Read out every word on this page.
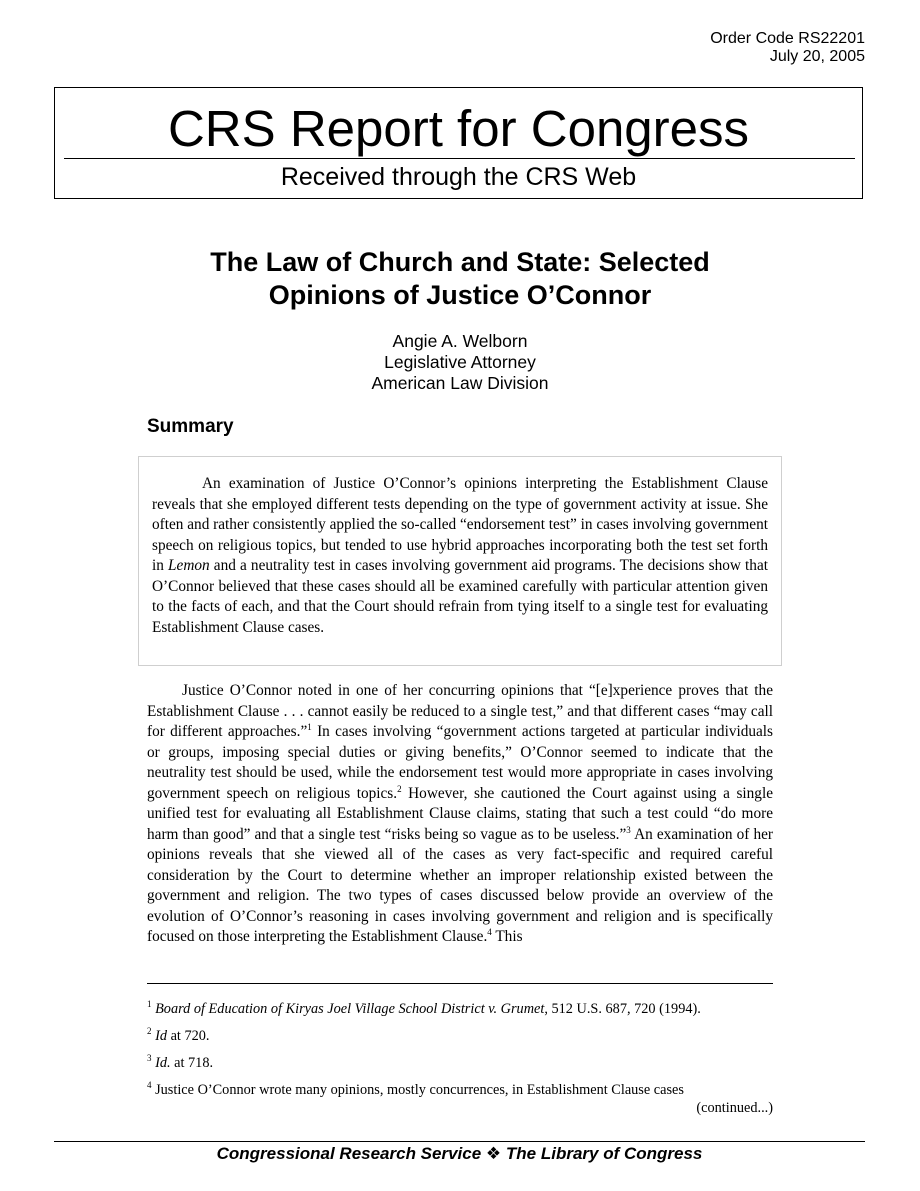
Order Code RS22201
July 20, 2005
CRS Report for Congress
Received through the CRS Web
The Law of Church and State: Selected
Opinions of Justice O’Connor
Angie A. Welborn
Legislative Attorney
American Law Division
Summary

An examination of Justice O’Connor’s opinions interpreting the Establishment Clause reveals that she employed different tests depending on the type of government activity at issue. She often and rather consistently applied the so-called “endorsement test” in cases involving government speech on religious topics, but tended to use hybrid approaches incorporating both the test set forth in Lemon and a neutrality test in cases involving government aid programs. The decisions show that O’Connor believed that these cases should all be examined carefully with particular attention given to the facts of each, and that the Court should refrain from tying itself to a single test for evaluating Establishment Clause cases.

Justice O’Connor noted in one of her concurring opinions that “[e]xperience proves that the Establishment Clause . . . cannot easily be reduced to a single test,” and that different cases “may call for different approaches.”$^1$ In cases involving “government actions targeted at particular individuals or groups, imposing special duties or giving benefits,” O’Connor seemed to indicate that the neutrality test should be used, while the endorsement test would more appropriate in cases involving government speech on religious topics.$^2$ However, she cautioned the Court against using a single unified test for evaluating all Establishment Clause claims, stating that such a test could “do more harm than good” and that a single test “risks being so vague as to be useless.”$^3$ An examination of her opinions reveals that she viewed all of the cases as very fact-specific and required careful consideration by the Court to determine whether an improper relationship existed between the government and religion. The two types of cases discussed below provide an overview of the evolution of O’Connor’s reasoning in cases involving government and religion and is specifically focused on those interpreting the Establishment Clause.$^4$ This

$^1$ Board of Education of Kiryas Joel Village School District v. Grumet, 512 U.S. 687, 720 (1994).

$^2$ Id at 720.

$^3$ Id. at 718.

$^4$ Justice O’Connor wrote many opinions, mostly concurrences, in Establishment Clause cases

(continued...)

Congressional Research Service ❖ The Library of Congress
